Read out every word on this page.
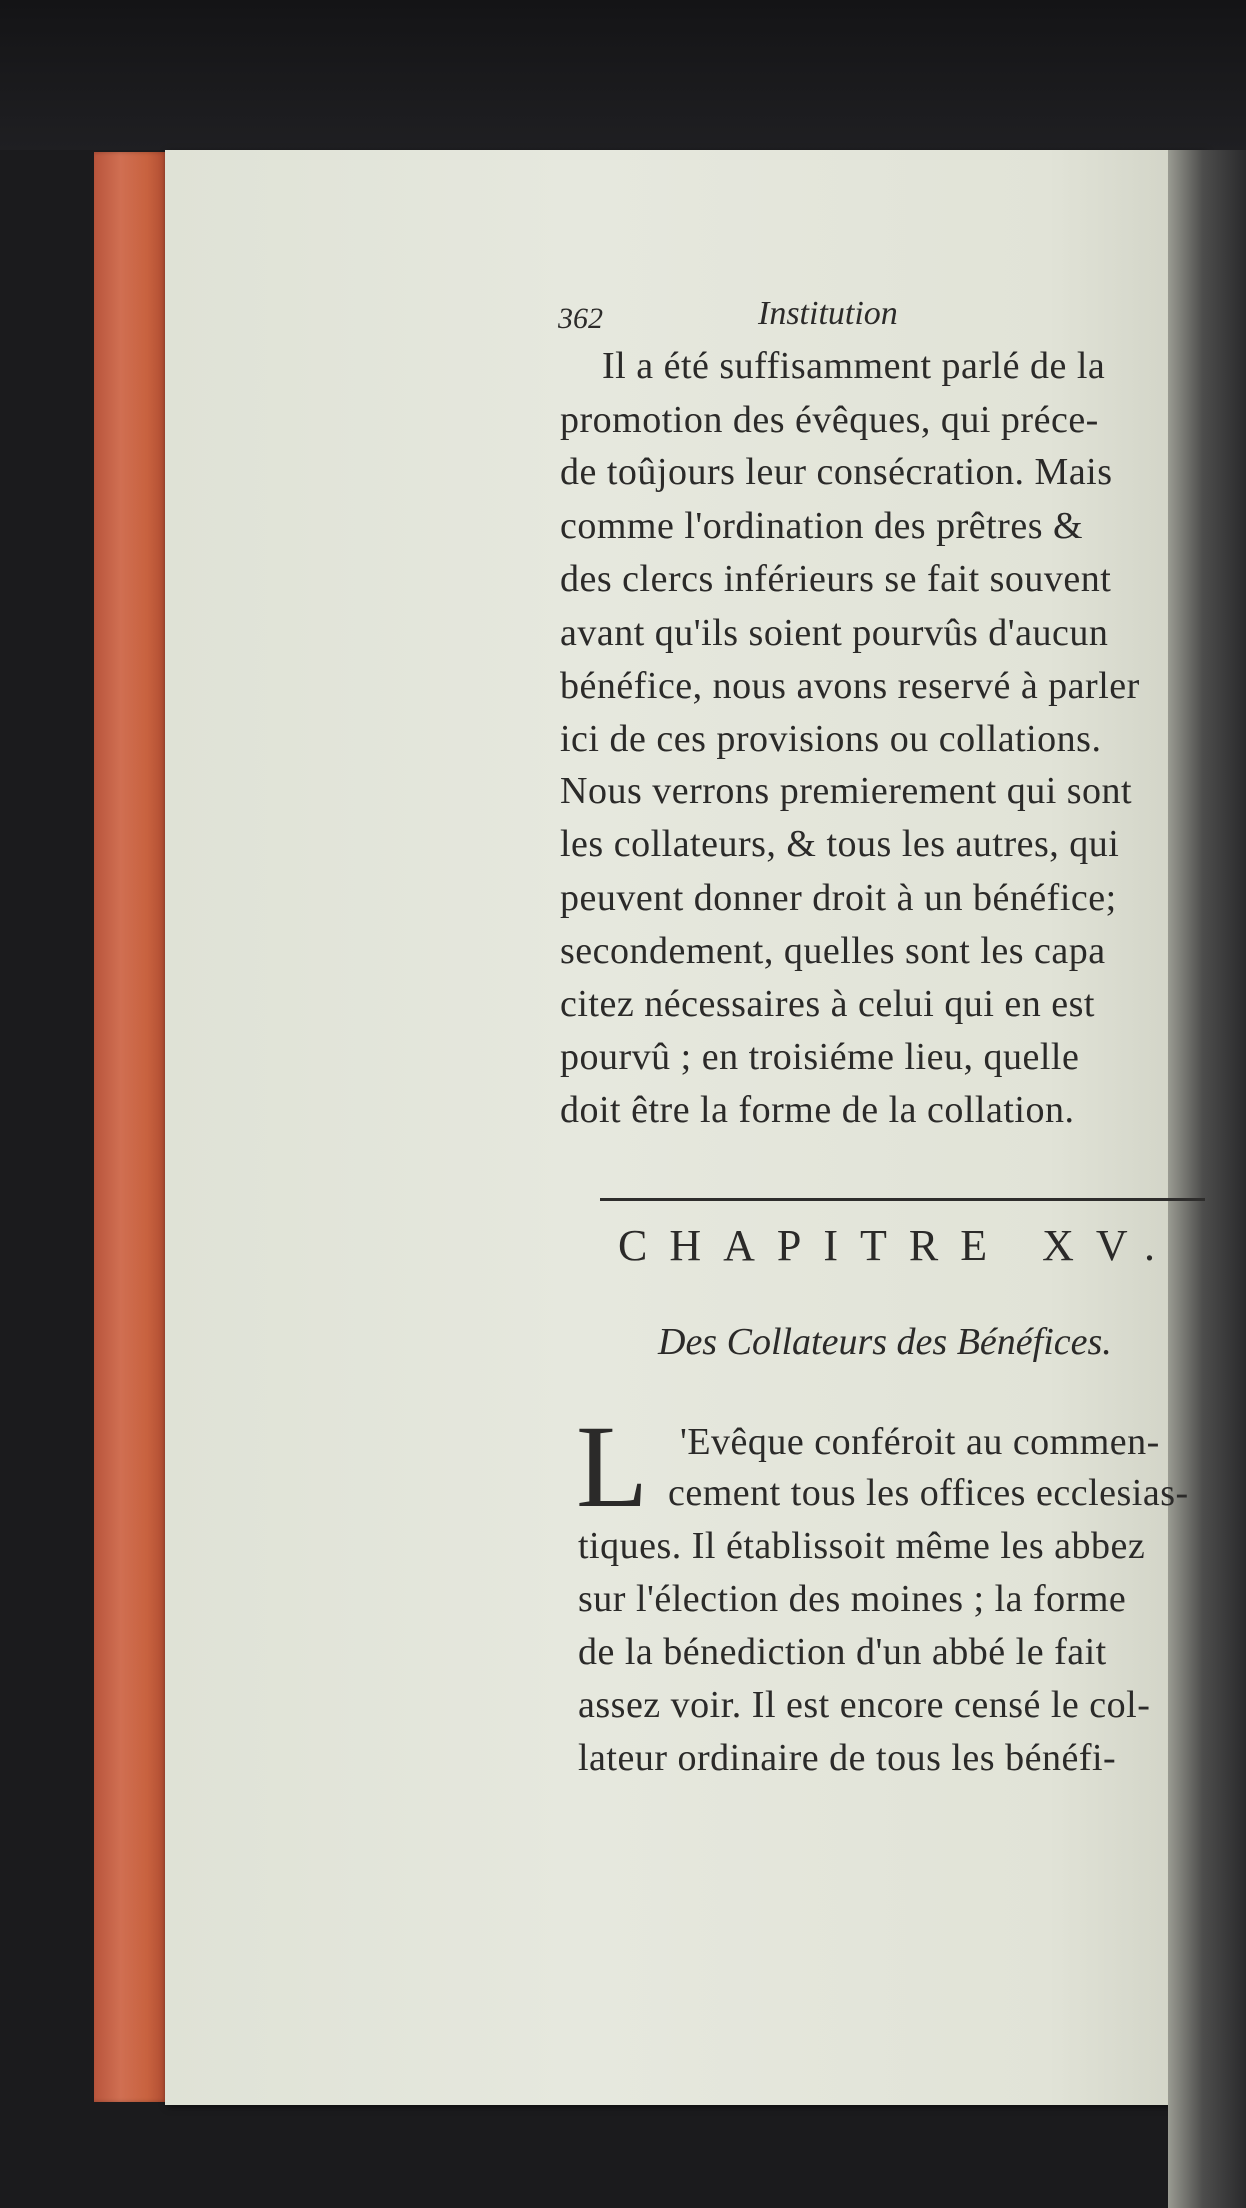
362	Institution
Il a été suffisamment parlé de la
promotion des évêques, qui préce-
de toûjours leur consécration. Mais
comme l'ordination des prêtres &
des clercs inférieurs se fait souvent
avant qu'ils soient pourvûs d'aucun
bénéfice, nous avons reservé à parler
ici de ces provisions ou collations.
Nous verrons premierement qui sont
les collateurs, & tous les autres, qui
peuvent donner droit à un bénéfice;
secondement, quelles sont les capa
citez nécessaires à celui qui en est
pourvû ; en troisiéme lieu, quelle
doit être la forme de la collation.
CHAPITRE XV.
Des Collateurs des Bénéfices.
L 'Evêque conféroit au commen-
cement tous les offices ecclesias-
tiques. Il établissoit même les abbez
sur l'élection des moines ; la forme
de la bénediction d'un abbé le fait
assez voir. Il est encore censé le col-
lateur ordinaire de tous les bénéfi-
